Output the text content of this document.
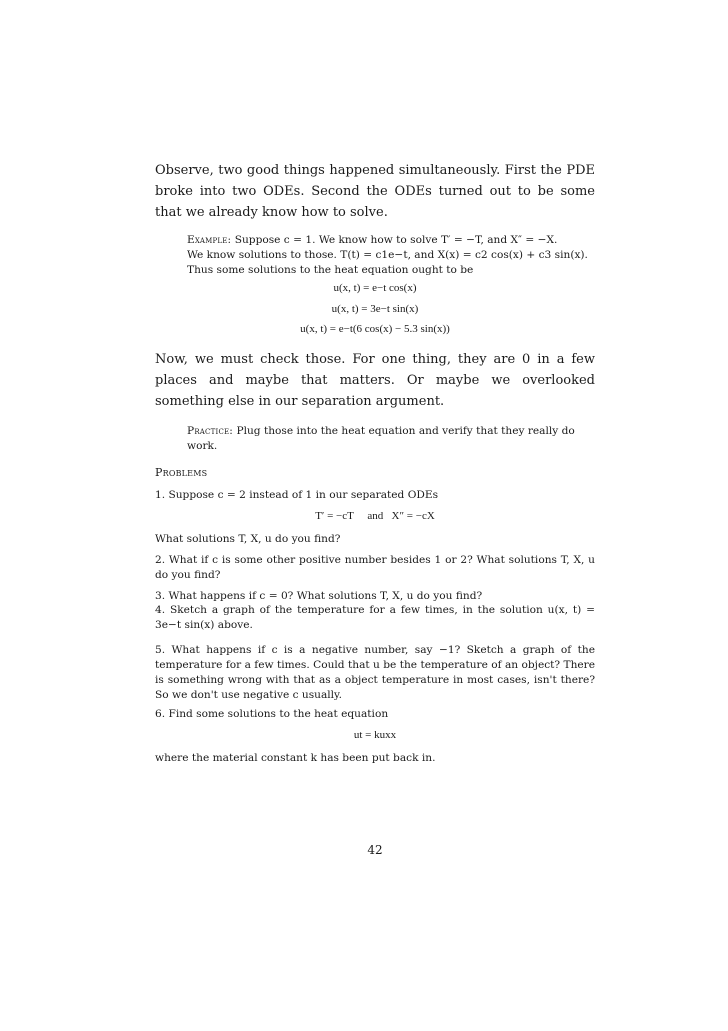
Observe, two good things happened simultaneously. First the PDE broke into two ODEs. Second the ODEs turned out to be some that we already know how to solve.
Example: Suppose c = 1. We know how to solve T′ = −T, and X″ = −X.
We know solutions to those. T(t) = c1e−t, and X(x) = c2 cos(x) + c3 sin(x).
Thus some solutions to the heat equation ought to be
u(x, t) = e−t cos(x)
u(x, t) = 3e−t sin(x)
u(x, t) = e−t(6 cos(x) − 5.3 sin(x))
Now, we must check those. For one thing, they are 0 in a few places and maybe that matters. Or maybe we overlooked something else in our separation argument.
Practice: Plug those into the heat equation and verify that they really do work.
Problems
1. Suppose c = 2 instead of 1 in our separated ODEs
T′ = −cT     and   X″ = −cX
What solutions T, X, u do you find?
2. What if c is some other positive number besides 1 or 2? What solutions T, X, u do you find?
3. What happens if c = 0? What solutions T, X, u do you find?
4. Sketch a graph of the temperature for a few times, in the solution u(x, t) = 3e−t sin(x) above.
5. What happens if c is a negative number, say −1? Sketch a graph of the temperature for a few times. Could that u be the temperature of an object? There is something wrong with that as a object temperature in most cases, isn't there? So we don't use negative c usually.
6. Find some solutions to the heat equation
ut = kuxx
where the material constant k has been put back in.
42
